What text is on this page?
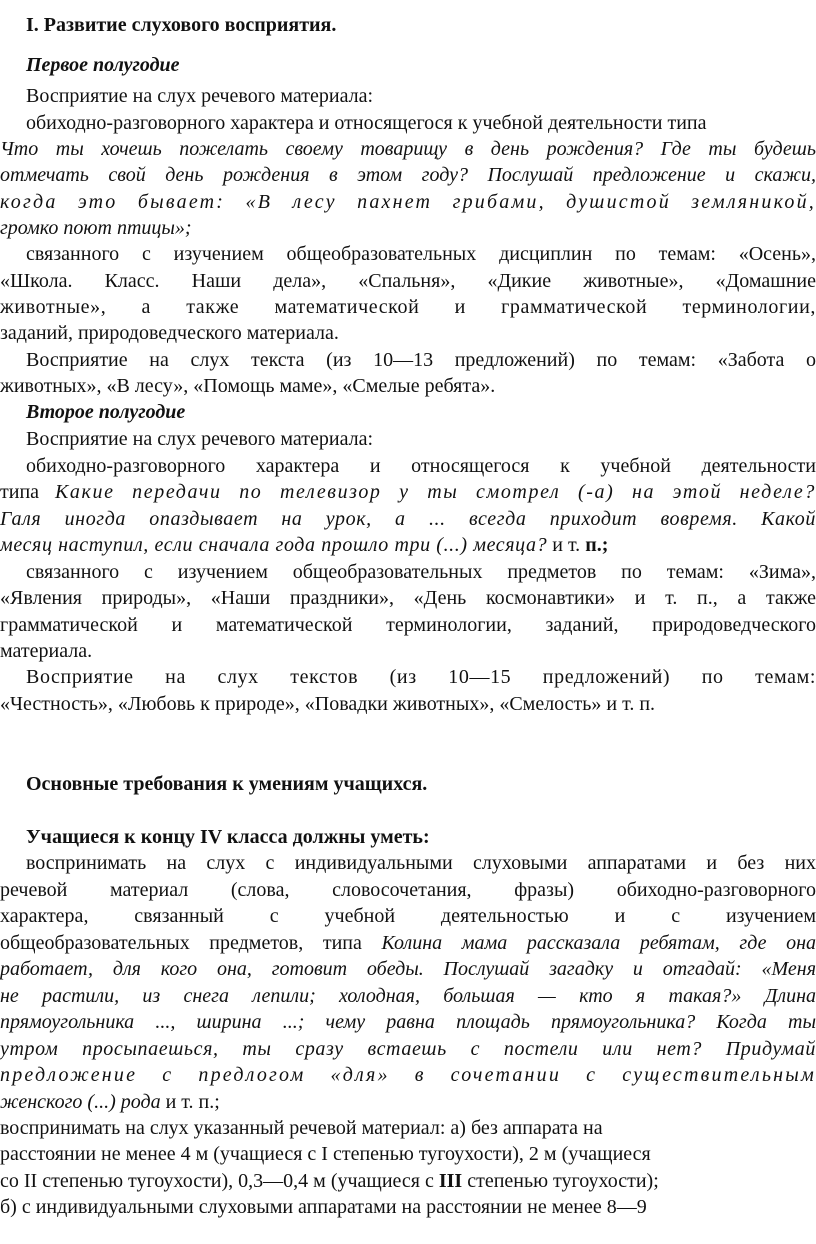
I. Развитие слухового восприятия.
Первое полугодие
Восприятие на слух речевого материала:
обиходно-разговорного характера и относящегося к учебной деятельности типа
Что ты хочешь пожелать своему товарищу в день рождения? Где ты будешь
отмечать свой день рождения в этом году? Послушай предложение и скажи,
когда это бывает: «В лесу пахнет грибами, душистой земляникой,
громко поют птицы»;
связанного с изучением общеобразовательных дисциплин по темам: «Осень»,
«Школа. Класс. Наши дела», «Спальня», «Дикие животные», «Домашние
животные», а также математической и грамматической терминологии,
заданий, природоведческого материала.
Восприятие на слух текста (из 10—13 предложений) по темам: «Забота о
животных», «В лесу», «Помощь маме», «Смелые ребята».
Второе полугодие
Восприятие на слух речевого материала:
обиходно-разговорного характера и относящегося к учебной деятельности
типа Какие передачи по телевизор у ты смотрел (-а) на этой неделе?
Галя иногда опаздывает на урок, а ... всегда приходит вовремя. Какой
месяц наступил, если сначала года прошло три (...) месяца? и т. п.;
связанного с изучением общеобразовательных предметов по темам: «Зима»,
«Явления природы», «Наши праздники», «День космонавтики» и т. п., а также
грамматической и математической терминологии, заданий, природоведческого
материала.
Восприятие на слух текстов (из 10—15 предложений) по темам:
«Честность», «Любовь к природе», «Повадки животных», «Смелость» и т. п.
Основные требования к умениям учащихся.
Учащиеся к концу IV класса должны уметь:
воспринимать на слух с индивидуальными слуховыми аппаратами и без них
речевой материал (слова, словосочетания, фразы) обиходно-разговорного
характера, связанный с учебной деятельностью и с изучением
общеобразовательных предметов, типа Колина мама рассказала ребятам, где она
работает, для кого она, готовит обеды. Послушай загадку и отгадай: «Меня
не растили, из снега лепили; холодная, большая — кто я такая?» Длина
прямоугольника ..., ширина ...; чему равна площадь прямоугольника? Когда ты
утром просыпаешься, ты сразу встаешь с постели или нет? Придумай
предложение с предлогом «для» в сочетании с существительным
женского (...) рода и т. п.;
воспринимать на слух указанный речевой материал: а) без аппарата на
расстоянии не менее 4 м (учащиеся с I степенью тугоухости), 2 м (учащиеся
со II степенью тугоухости), 0,3—0,4 м (учащиеся с III степенью тугоухости);
б) с индивидуальными слуховыми аппаратами на расстоянии не менее 8—9
